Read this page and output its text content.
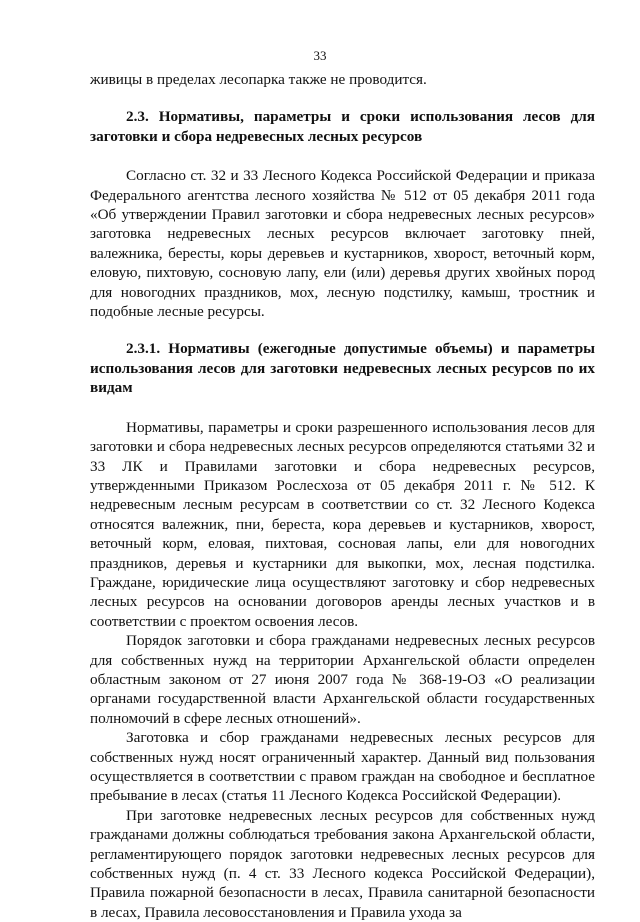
33

живицы в пределах лесопарка также не проводится.

2.3. Нормативы, параметры и сроки использования лесов для заготовки и сбора недревесных лесных ресурсов

Согласно ст. 32 и 33 Лесного Кодекса Российской Федерации и приказа Федерального агентства лесного хозяйства № 512 от 05 декабря 2011 года «Об утверждении Правил заготовки и сбора недревесных лесных ресурсов» заготовка недревесных лесных ресурсов включает заготовку пней, валежника, бересты, коры деревьев и кустарников, хворост, веточный корм, еловую, пихтовую, сосновую лапу, ели (или) деревья других хвойных пород для новогодних праздников, мох, лесную подстилку, камыш, тростник и подобные лесные ресурсы.

2.3.1. Нормативы (ежегодные допустимые объемы) и параметры использования лесов для заготовки недревесных лесных ресурсов по их видам

Нормативы, параметры и сроки разрешенного использования лесов для заготовки и сбора недревесных лесных ресурсов определяются статьями 32 и 33 ЛК и Правилами заготовки и сбора недревесных ресурсов, утвержденными Приказом Рослесхоза от 05 декабря 2011 г. № 512. К недревесным лесным ресурсам в соответствии со ст. 32 Лесного Кодекса относятся валежник, пни, береста, кора деревьев и кустарников, хворост, веточный корм, еловая, пихтовая, сосновая лапы, ели для новогодних праздников, деревья и кустарники для выкопки, мох, лесная подстилка. Граждане, юридические лица осуществляют заготовку и сбор недревесных лесных ресурсов на основании договоров аренды лесных участков и в соответствии с проектом освоения лесов.

Порядок заготовки и сбора гражданами недревесных лесных ресурсов для собственных нужд на территории Архангельской области определен областным законом от 27 июня 2007 года № 368-19-ОЗ «О реализации органами государственной власти Архангельской области государственных полномочий в сфере лесных отношений».

Заготовка и сбор гражданами недревесных лесных ресурсов для собственных нужд носят ограниченный характер. Данный вид пользования осуществляется в соответствии с правом граждан на свободное и бесплатное пребывание в лесах (статья 11 Лесного Кодекса Российской Федерации).

При заготовке недревесных лесных ресурсов для собственных нужд гражданами должны соблюдаться требования закона Архангельской области, регламентирующего порядок заготовки недревесных лесных ресурсов для собственных нужд (п. 4 ст. 33 Лесного кодекса Российской Федерации), Правила пожарной безопасности в лесах, Правила санитарной безопасности в лесах, Правила лесовосстановления и Правила ухода за
